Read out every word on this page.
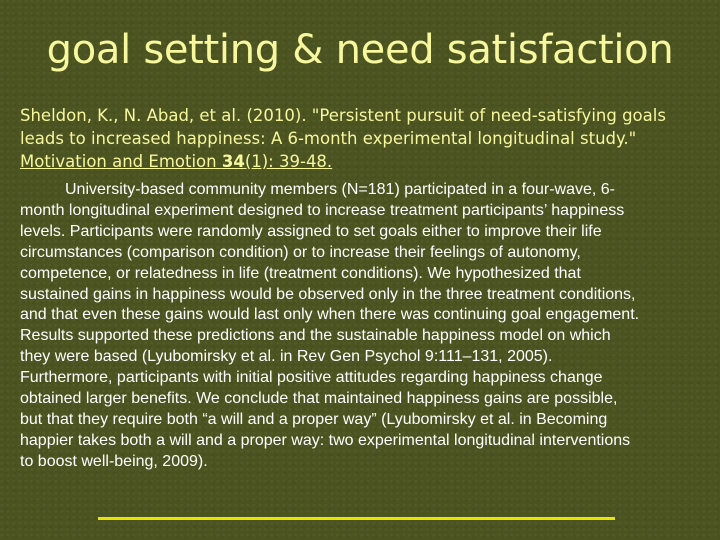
goal setting & need satisfaction
Sheldon, K., N. Abad, et al. (2010). "Persistent pursuit of need-satisfying goals
leads to increased happiness: A 6-month experimental longitudinal study."
Motivation and Emotion 34(1): 39-48.
University-based community members (N=181) participated in a four-wave, 6-
month longitudinal experiment designed to increase treatment participants’ happiness
levels. Participants were randomly assigned to set goals either to improve their life
circumstances (comparison condition) or to increase their feelings of autonomy,
competence, or relatedness in life (treatment conditions). We hypothesized that
sustained gains in happiness would be observed only in the three treatment conditions,
and that even these gains would last only when there was continuing goal engagement.
Results supported these predictions and the sustainable happiness model on which
they were based (Lyubomirsky et al. in Rev Gen Psychol 9:111–131, 2005).
Furthermore, participants with initial positive attitudes regarding happiness change
obtained larger benefits. We conclude that maintained happiness gains are possible,
but that they require both “a will and a proper way” (Lyubomirsky et al. in Becoming
happier takes both a will and a proper way: two experimental longitudinal interventions
to boost well-being, 2009).
